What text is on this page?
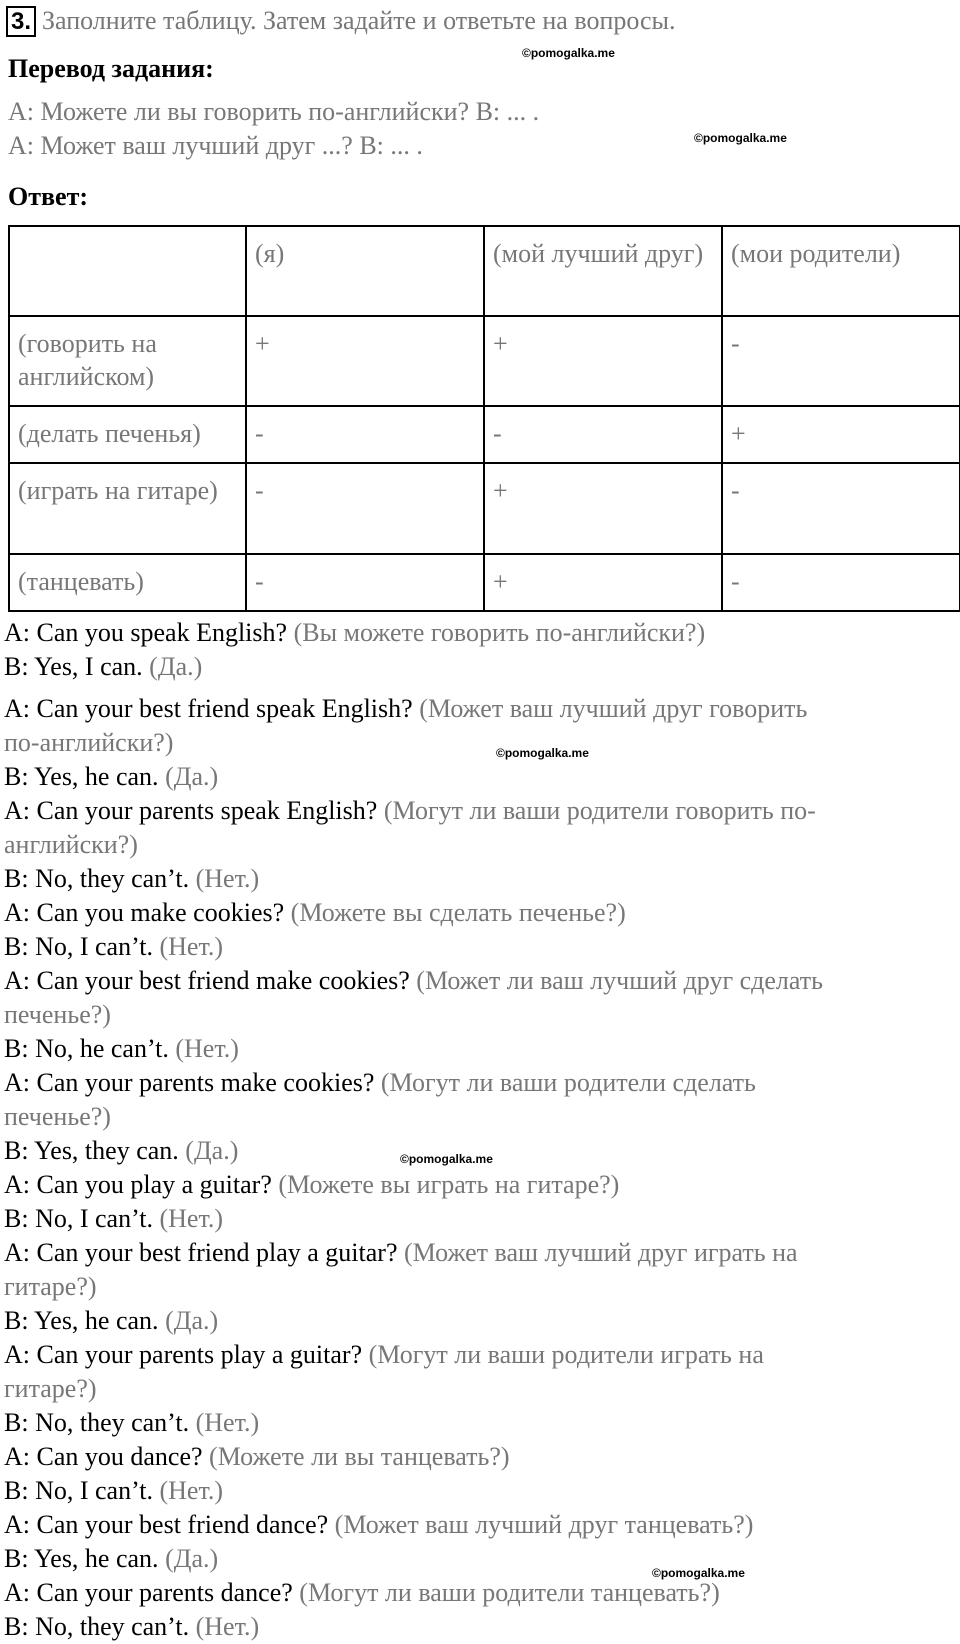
3. Заполните таблицу. Затем задайте и ответьте на вопросы.
©pomogalka.me
Перевод задания:
A: Можете ли вы говорить по-английски? B: ... .
A: Может ваш лучший друг ...? B: ... .	©pomogalka.me
Ответ:
	(я)	(мой лучший друг)	(мои родители)
(говорить на английском)	+	+	-
(делать печенья)	-	-	+
(играть на гитаре)	-	+	-
(танцевать)	-	+	-
A: Can you speak English? (Вы можете говорить по-английски?)
B: Yes, I can. (Да.)
A: Can your best friend speak English? (Может ваш лучший друг говорить
по-английски?)
B: Yes, he can. (Да.)
A: Can your parents speak English? (Могут ли ваши родители говорить по-
английски?)
B: No, they can’t. (Нет.)
A: Can you make cookies? (Можете вы сделать печенье?)
B: No, I can’t. (Нет.)
A: Can your best friend make cookies? (Может ли ваш лучший друг сделать
печенье?)
B: No, he can’t. (Нет.)
A: Can your parents make cookies? (Могут ли ваши родители сделать
печенье?)
B: Yes, they can. (Да.)
A: Can you play a guitar? (Можете вы играть на гитаре?)
B: No, I can’t. (Нет.)
A: Can your best friend play a guitar? (Может ваш лучший друг играть на
гитаре?)
B: Yes, he can. (Да.)
A: Can your parents play a guitar? (Могут ли ваши родители играть на
гитаре?)
B: No, they can’t. (Нет.)
A: Can you dance? (Можете ли вы танцевать?)
B: No, I can’t. (Нет.)
A: Can your best friend dance? (Может ваш лучший друг танцевать?)
B: Yes, he can. (Да.)
A: Can your parents dance? (Могут ли ваши родители танцевать?)
B: No, they can’t. (Нет.)
©pomogalka.me
©pomogalka.me
©pomogalka.me
